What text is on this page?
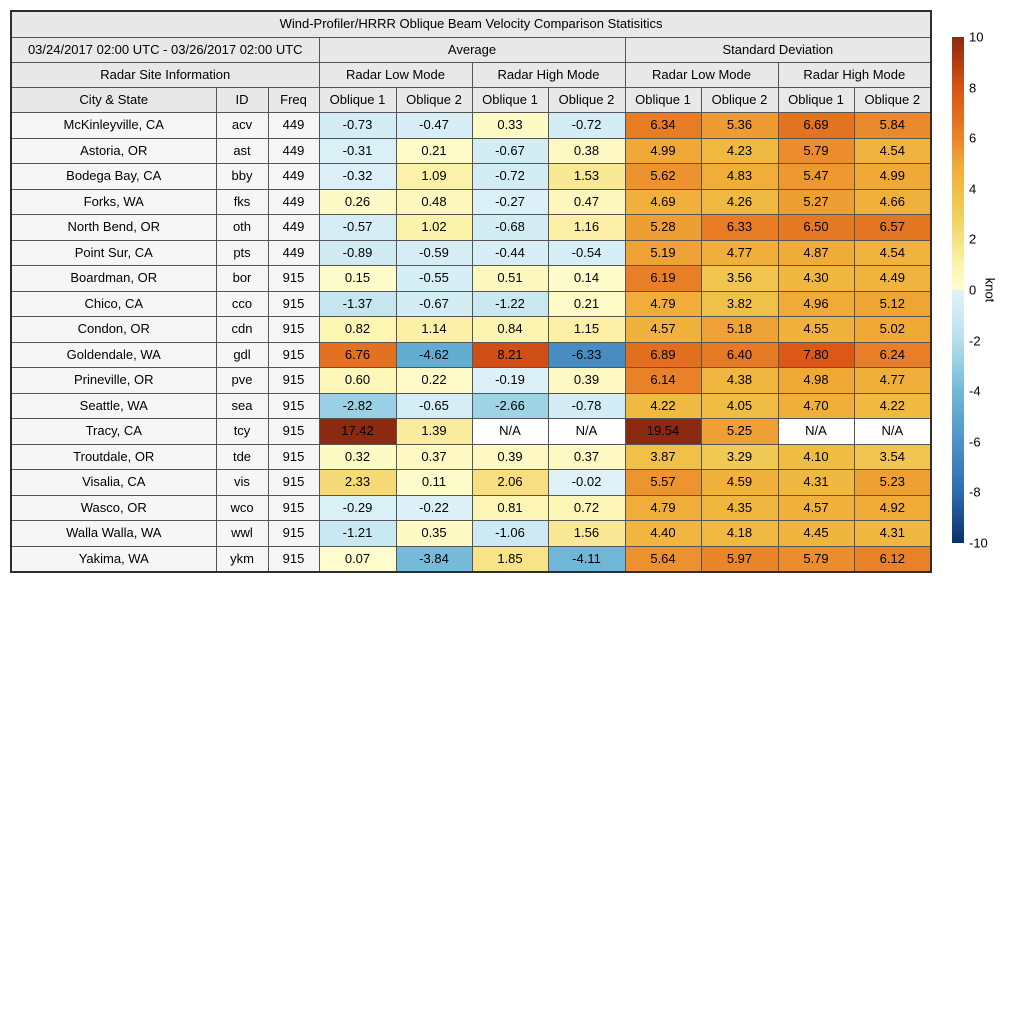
Wind-Profiler/HRRR Oblique Beam Velocity Comparison Statisitics										
03/24/2017 02:00 UTC - 03/26/2017 02:00 UTC			Average				Standard Deviation			
Radar Site Information			Radar Low Mode		Radar High Mode		Radar Low Mode		Radar High Mode	
City & State	ID	Freq	Oblique 1	Oblique 2	Oblique 1	Oblique 2	Oblique 1	Oblique 2	Oblique 1	Oblique 2
McKinleyville, CA	acv	449	-0.73	-0.47	0.33	-0.72	6.34	5.36	6.69	5.84
Astoria, OR	ast	449	-0.31	0.21	-0.67	0.38	4.99	4.23	5.79	4.54
Bodega Bay, CA	bby	449	-0.32	1.09	-0.72	1.53	5.62	4.83	5.47	4.99
Forks, WA	fks	449	0.26	0.48	-0.27	0.47	4.69	4.26	5.27	4.66
North Bend, OR	oth	449	-0.57	1.02	-0.68	1.16	5.28	6.33	6.50	6.57
Point Sur, CA	pts	449	-0.89	-0.59	-0.44	-0.54	5.19	4.77	4.87	4.54
Boardman, OR	bor	915	0.15	-0.55	0.51	0.14	6.19	3.56	4.30	4.49
Chico, CA	cco	915	-1.37	-0.67	-1.22	0.21	4.79	3.82	4.96	5.12
Condon, OR	cdn	915	0.82	1.14	0.84	1.15	4.57	5.18	4.55	5.02
Goldendale, WA	gdl	915	6.76	-4.62	8.21	-6.33	6.89	6.40	7.80	6.24
Prineville, OR	pve	915	0.60	0.22	-0.19	0.39	6.14	4.38	4.98	4.77
Seattle, WA	sea	915	-2.82	-0.65	-2.66	-0.78	4.22	4.05	4.70	4.22
Tracy, CA	tcy	915	17.42	1.39	N/A	N/A	19.54	5.25	N/A	N/A
Troutdale, OR	tde	915	0.32	0.37	0.39	0.37	3.87	3.29	4.10	3.54
Visalia, CA	vis	915	2.33	0.11	2.06	-0.02	5.57	4.59	4.31	5.23
Wasco, OR	wco	915	-0.29	-0.22	0.81	0.72	4.79	4.35	4.57	4.92
Walla Walla, WA	wwl	915	-1.21	0.35	-1.06	1.56	4.40	4.18	4.45	4.31
Yakima, WA	ykm	915	0.07	-3.84	1.85	-4.11	5.64	5.97	5.79	6.12
10
8
6
4
2
0
-2
-4
-6
-8
-10
knot
